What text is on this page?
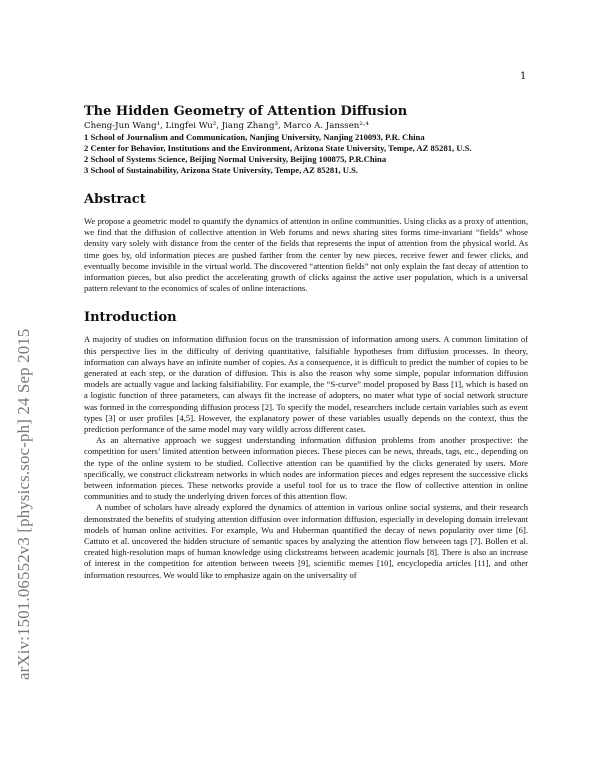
1
arXiv:1501.06552v3 [physics.soc-ph] 24 Sep 2015
The Hidden Geometry of Attention Diffusion
Cheng-Jun Wang¹, Lingfei Wu², Jiang Zhang³, Marco A. Janssen²·⁴
1 School of Journalism and Communication, Nanjing University, Nanjing 210093, P.R. China
2 Center for Behavior, Institutions and the Environment, Arizona State University, Tempe, AZ 85281, U.S.
2 School of Systems Science, Beijing Normal University, Beijing 100875, P.R.China
3 School of Sustainability, Arizona State University, Tempe, AZ 85281, U.S.
Abstract

We propose a geometric model to quantify the dynamics of attention in online communities. Using clicks as a proxy of attention, we find that the diffusion of collective attention in Web forums and news sharing sites forms time-invariant “fields” whose density vary solely with distance from the center of the fields that represents the input of attention from the physical world. As time goes by, old information pieces are pushed farther from the center by new pieces, receive fewer and fewer clicks, and eventually become invisible in the virtual world. The discovered “attention fields” not only explain the fast decay of attention to information pieces, but also predict the accelerating growth of clicks against the active user population, which is a universal pattern relevant to the economics of scales of online interactions.

Introduction

A majority of studies on information diffusion focus on the transmission of information among users. A common limitation of this perspective lies in the difficulty of deriving quantitative, falsifiable hypotheses from diffusion processes. In theory, information can always have an infinite number of copies. As a consequence, it is difficult to predict the number of copies to be generated at each step, or the duration of diffusion. This is also the reason why some simple, popular information diffusion models are actually vague and lacking falsifiability. For example, the “S-curve” model proposed by Bass [1], which is based on a logistic function of three parameters, can always fit the increase of adopters, no mater what type of social network structure was formed in the corresponding diffusion process [2]. To specify the model, researchers include certain variables such as event types [3] or user profiles [4,5]. However, the explanatory power of these variables usually depends on the context, thus the prediction performance of the same model may vary wildly across different cases.

As an alternative approach we suggest understanding information diffusion problems from another prospective: the competition for users’ limited attention between information pieces. These pieces can be news, threads, tags, etc., depending on the type of the online system to be studied. Collective attention can be quantified by the clicks generated by users. More specifically, we construct clickstream networks in which nodes are information pieces and edges represent the successive clicks between information pieces. These networks provide a useful tool for us to trace the flow of collective attention in online communities and to study the underlying driven forces of this attention flow.

A number of scholars have already explored the dynamics of attention in various online social systems, and their research demonstrated the benefits of studying attention diffusion over information diffusion, especially in developing domain irrelevant models of human online activities. For example, Wu and Huberman quantified the decay of news popularity over time [6]. Cattuto et al. uncovered the hidden structure of semantic spaces by analyzing the attention flow between tags [7]. Bollen et al. created high-resolution maps of human knowledge using clickstreams between academic journals [8]. There is also an increase of interest in the competition for attention between tweets [9], scientific memes [10], encyclopedia articles [11], and other information resources. We would like to emphasize again on the universality of
